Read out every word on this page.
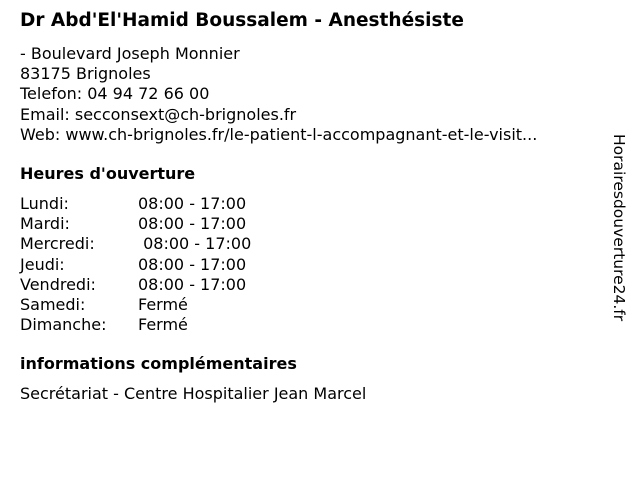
Dr Abd'El'Hamid Boussalem - Anesthésiste
- Boulevard Joseph Monnier
83175 Brignoles
Telefon: 04 94 72 66 00
Email: secconsext@ch-brignoles.fr
Web: www.ch-brignoles.fr/le-patient-l-accompagnant-et-le-visit...
Heures d'ouverture
Lundi:	08:00 - 17:00
Mardi:	08:00 - 17:00
Mercredi:	08:00 - 17:00
Jeudi:	08:00 - 17:00
Vendredi:	08:00 - 17:00
Samedi:	Fermé
Dimanche:	Fermé
informations complémentaires
Secrétariat - Centre Hospitalier Jean Marcel
Horairesdouverture24.fr
